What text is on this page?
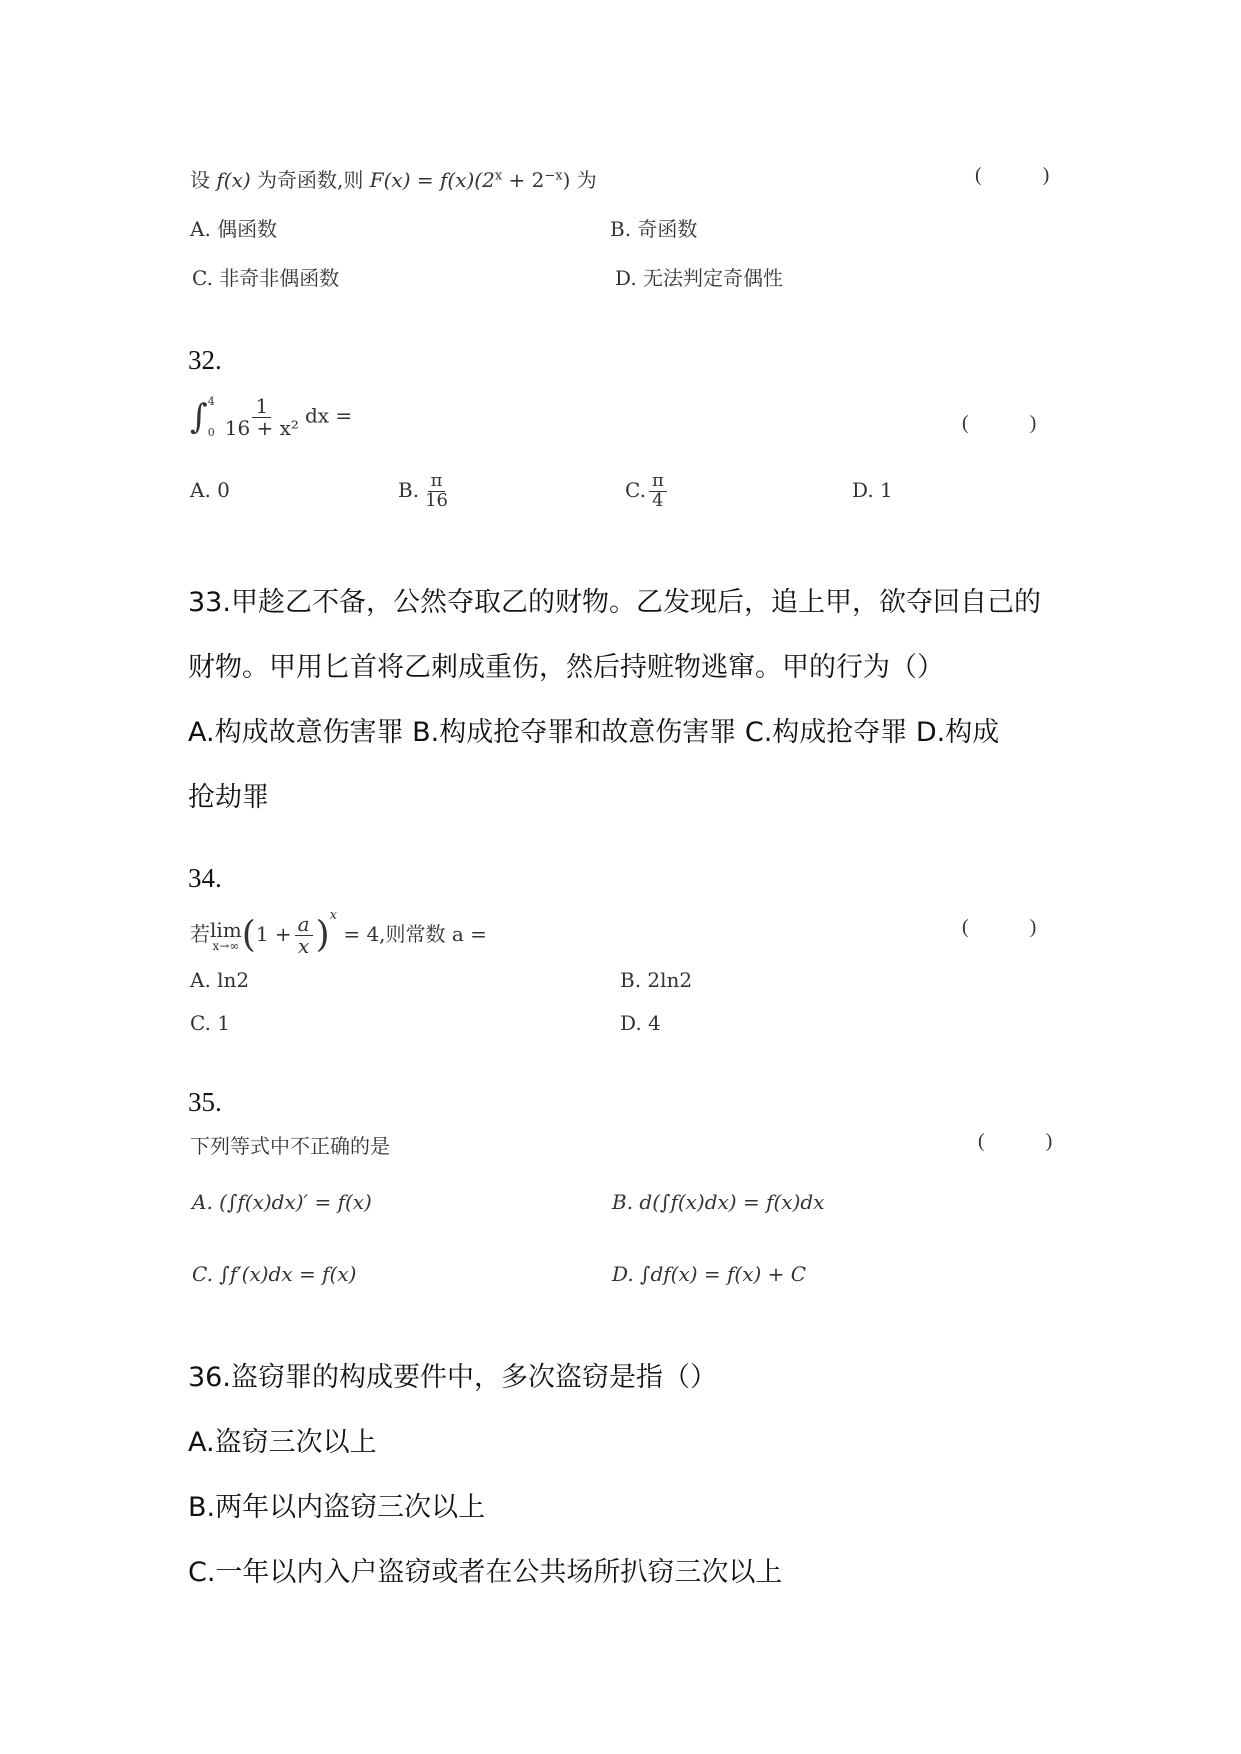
设 f(x) 为奇函数,则 $F(x) = f(x)(2^x + 2^{-x})$ 为	( )
A. 偶函数	B. 奇函数
C. 非奇非偶函数	D. 无法判定奇偶性
32.
∫ 4
$0 \frac{1}{\text{16 + x²}}$ dx =	( )
A. 0	B. $\frac{\pi}{16}$	C. $\frac{\pi}{4}$	D. 1
33.甲趁乙不备，公然夺取乙的财物。乙发现后，追上甲，欲夺回自己的
财物。甲用匕首将乙刺成重伤，然后持赃物逃窜。甲的行为（）
A.构成故意伤害罪 B.构成抢夺罪和故意伤害罪 C.构成抢夺罪 D.构成
抢劫罪
34.
若 lim
x→∞ $(1 + \frac{a}{x} )^x = 4$,则常数 a =	( )
A. ln2	B. 2ln2
C. 1	D. 4
35.
下列等式中不正确的是	( )
A. (∫f(x)dx)′ = f(x)	B. d(∫f(x)dx) = f(x)dx
C. ∫f′(x)dx = f(x)	D. ∫df(x) = f(x) + C
36.盗窃罪的构成要件中，多次盗窃是指（）
A.盗窃三次以上
B.两年以内盗窃三次以上
C.一年以内入户盗窃或者在公共场所扒窃三次以上
